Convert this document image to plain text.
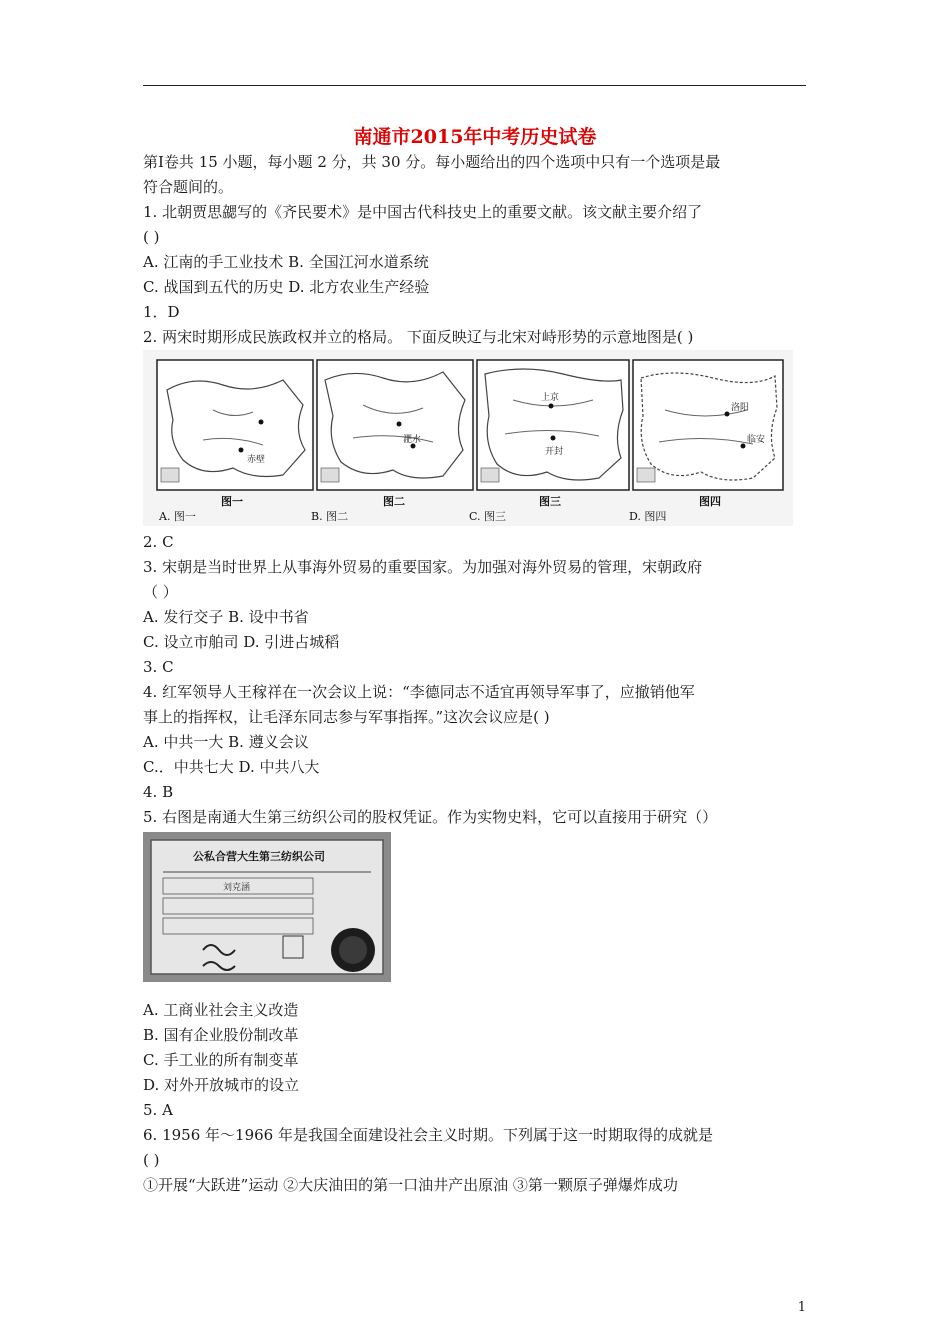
南通市2015年中考历史试卷
第Ⅰ卷共 15 小题，每小题 2 分，共 30 分。每小题给出的四个选项中只有一个选项是最
符合题间的。
1. 北朝贾思勰写的《齐民要术》是中国古代科技史上的重要文献。该文献主要介绍了
( )
A. 江南的手工业技术 B. 全国江河水道系统
C. 战国到五代的历史 D. 北方农业生产经验
1．D
2. 两宋时期形成民族政权并立的格局。 下面反映辽与北宋对峙形势的示意地图是( )
赤壁
图一
A. 图一
淝水
图二
B. 图二
上京
开封
图三
C. 图三
洛阳
临安
图四
D. 图四
2. C
3. 宋朝是当时世界上从事海外贸易的重要国家。为加强对海外贸易的管理，宋朝政府
（ ）
A. 发行交子 B. 设中书省
C. 设立市舶司 D. 引进占城稻
3. C
4. 红军领导人王稼祥在一次会议上说：“李德同志不适宜再领导军事了，应撤销他军
事上的指挥权，让毛泽东同志参与军事指挥。”这次会议应是( )
A. 中共一大 B. 遵义会议
C.．中共七大 D. 中共八大
4. B
5. 右图是南通大生第三纺织公司的股权凭证。作为实物史料，它可以直接用于研究（）
公私合营大生第三纺织公司
刘克涵
A. 工商业社会主义改造
B. 国有企业股份制改革
C. 手工业的所有制变革
D. 对外开放城市的设立
5. A
6. 1956 年～1966 年是我国全面建设社会主义时期。下列属于这一时期取得的成就是
( )
①开展“大跃进”运动 ②大庆油田的第一口油井产出原油 ③第一颗原子弹爆炸成功
1
